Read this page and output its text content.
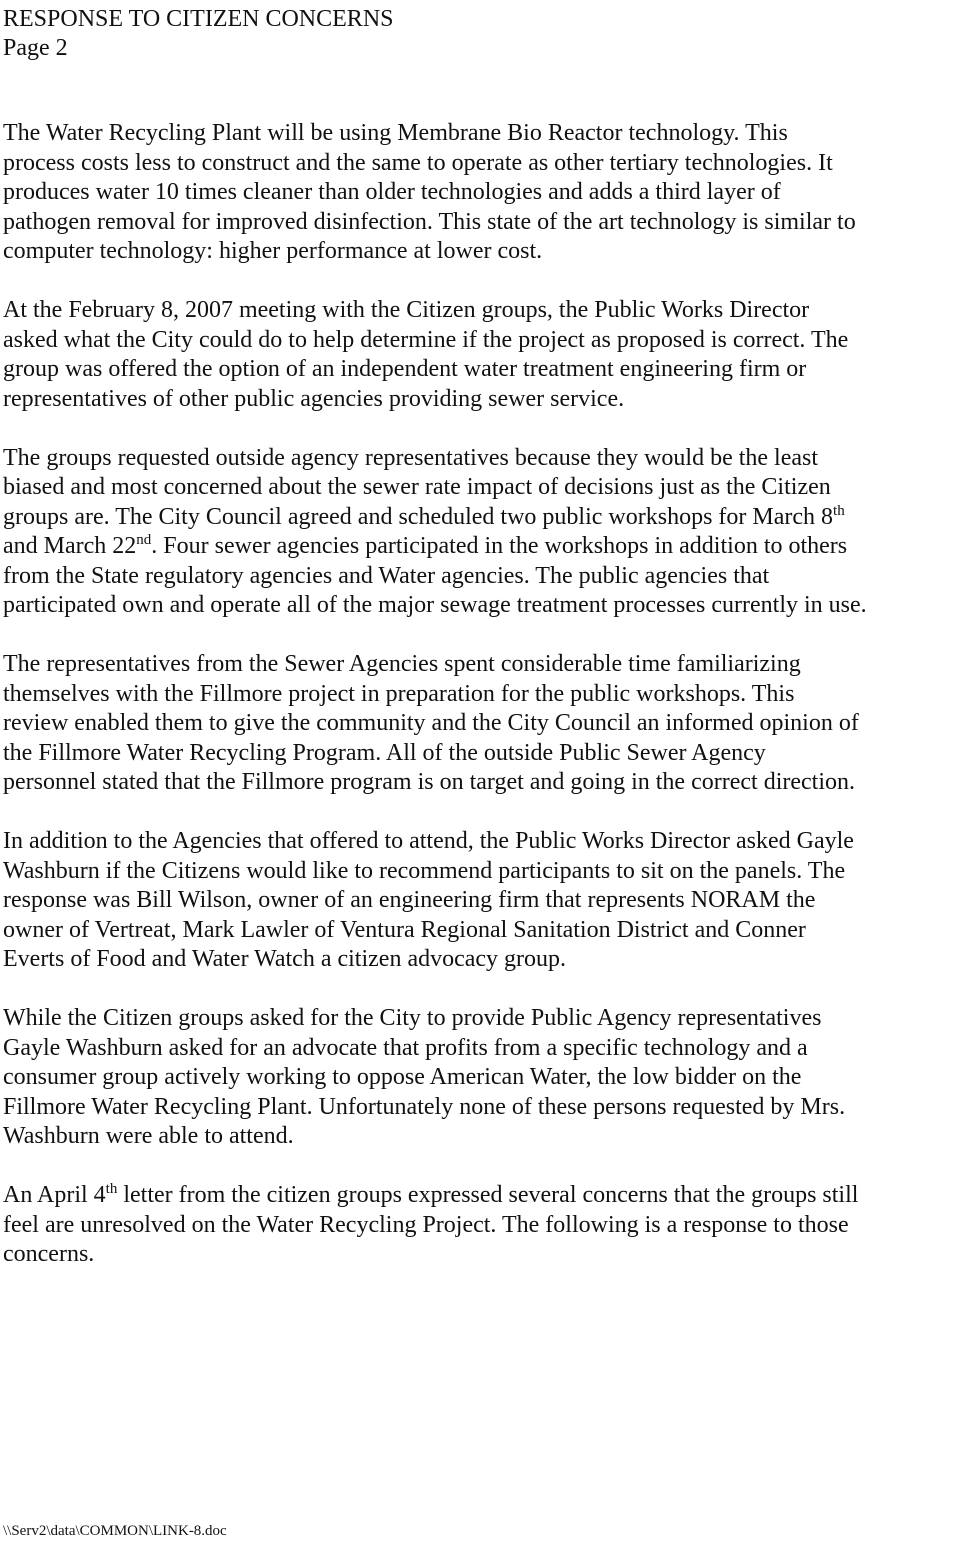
RESPONSE TO CITIZEN CONCERNS
Page 2
The Water Recycling Plant will be using Membrane Bio Reactor technology. This
process costs less to construct and the same to operate as other tertiary technologies. It
produces water 10 times cleaner than older technologies and adds a third layer of
pathogen removal for improved disinfection. This state of the art technology is similar to
computer technology: higher performance at lower cost.
At the February 8, 2007 meeting with the Citizen groups, the Public Works Director
asked what the City could do to help determine if the project as proposed is correct. The
group was offered the option of an independent water treatment engineering firm or
representatives of other public agencies providing sewer service.
The groups requested outside agency representatives because they would be the least
biased and most concerned about the sewer rate impact of decisions just as the Citizen
groups are. The City Council agreed and scheduled two public workshops for March 8th
and March 22nd. Four sewer agencies participated in the workshops in addition to others
from the State regulatory agencies and Water agencies. The public agencies that
participated own and operate all of the major sewage treatment processes currently in use.
The representatives from the Sewer Agencies spent considerable time familiarizing
themselves with the Fillmore project in preparation for the public workshops. This
review enabled them to give the community and the City Council an informed opinion of
the Fillmore Water Recycling Program. All of the outside Public Sewer Agency
personnel stated that the Fillmore program is on target and going in the correct direction.
In addition to the Agencies that offered to attend, the Public Works Director asked Gayle
Washburn if the Citizens would like to recommend participants to sit on the panels. The
response was Bill Wilson, owner of an engineering firm that represents NORAM the
owner of Vertreat, Mark Lawler of Ventura Regional Sanitation District and Conner
Everts of Food and Water Watch a citizen advocacy group.
While the Citizen groups asked for the City to provide Public Agency representatives
Gayle Washburn asked for an advocate that profits from a specific technology and a
consumer group actively working to oppose American Water, the low bidder on the
Fillmore Water Recycling Plant. Unfortunately none of these persons requested by Mrs.
Washburn were able to attend.
An April 4th letter from the citizen groups expressed several concerns that the groups still
feel are unresolved on the Water Recycling Project. The following is a response to those
concerns.
\\Serv2\data\COMMON\LINK-8.doc
